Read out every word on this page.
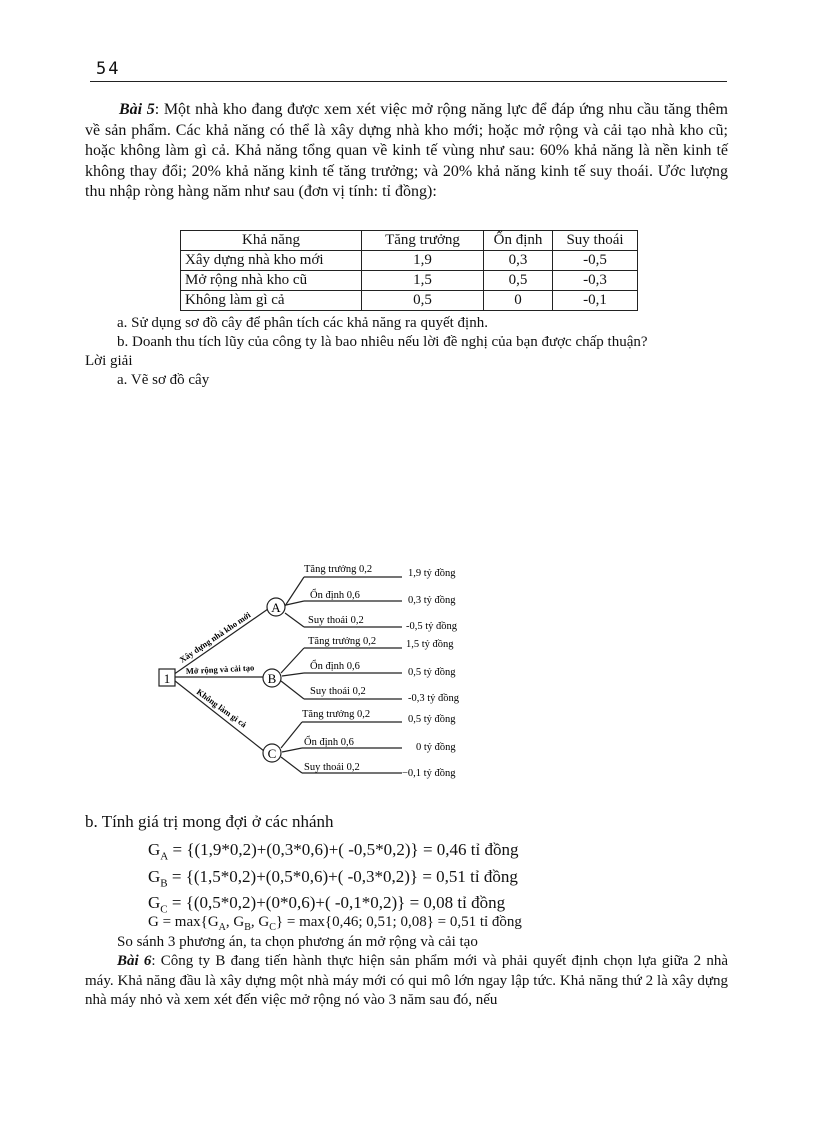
54
Bài 5: Một nhà kho đang được xem xét việc mở rộng năng lực để đáp ứng nhu cầu tăng thêm về sản phẩm. Các khả năng có thể là xây dựng nhà kho mới; hoặc mở rộng và cải tạo nhà kho cũ; hoặc không làm gì cả. Khả năng tổng quan về kinh tế vùng như sau: 60% khả năng là nền kinh tế không thay đổi; 20% khả năng kinh tế tăng trưởng; và 20% khả năng kinh tế suy thoái. Ước lượng thu nhập ròng hàng năm như sau (đơn vị tính: tỉ đồng):
Khả năng	Tăng trưởng	Ổn định	Suy thoái
Xây dựng nhà kho mới	1,9	0,3	-0,5
Mở rộng nhà kho cũ	1,5	0,5	-0,3
Không làm gì cả	0,5	0	-0,1
a. Sử dụng sơ đồ cây để phân tích các khả năng ra quyết định.
b. Doanh thu tích lũy của công ty là bao nhiêu nếu lời đề nghị của bạn được chấp thuận?
Lời giải
a. Vẽ sơ đồ cây
1
A
B
C
Xây dựng nhà kho mới
Mở rộng và cải tạo
Không làm gì cả
Tăng trưởng 0,2
Ổn định 0,6
Suy thoái 0,2
Tăng trưởng 0,2
Ổn định 0,6
Suy thoái 0,2
Tăng trưởng 0,2
Ổn định 0,6
Suy thoái 0,2
1,9 tỷ đồng
0,3 tỷ đồng
-0,5 tỷ đồng
1,5 tỷ đồng
0,5 tỷ đồng
-0,3 tỷ đồng
0,5 tỷ đồng
0 tỷ đồng
−0,1 tỷ đồng
b. Tính giá trị mong đợi ở các nhánh
$G_A = \{(1,9*0,2)+(0,3*0,6)+$( -0,5*0,2)} = 0,46 tỉ đồng
$G_B = \{(1,5*0,2)+(0,5*0,6)+$( -0,3*0,2)} = 0,51 tỉ đồng
$G_C = \{(0,5*0,2)+(0*0,6)+$( -0,1*0,2)} = 0,08 tỉ đồng
$G = \max\{G_A$, $G_B$, $G_C\} = \max\{0,46$; 0,51; 0,08} = 0,51 tỉ đồng
So sánh 3 phương án, ta chọn phương án mở rộng và cải tạo
Bài 6: Công ty B đang tiến hành thực hiện sản phẩm mới và phải quyết định chọn lựa giữa 2 nhà máy. Khả năng đầu là xây dựng một nhà máy mới có qui mô lớn ngay lập tức. Khả năng thứ 2 là xây dựng nhà máy nhỏ và xem xét đến việc mở rộng nó vào 3 năm sau đó, nếu
